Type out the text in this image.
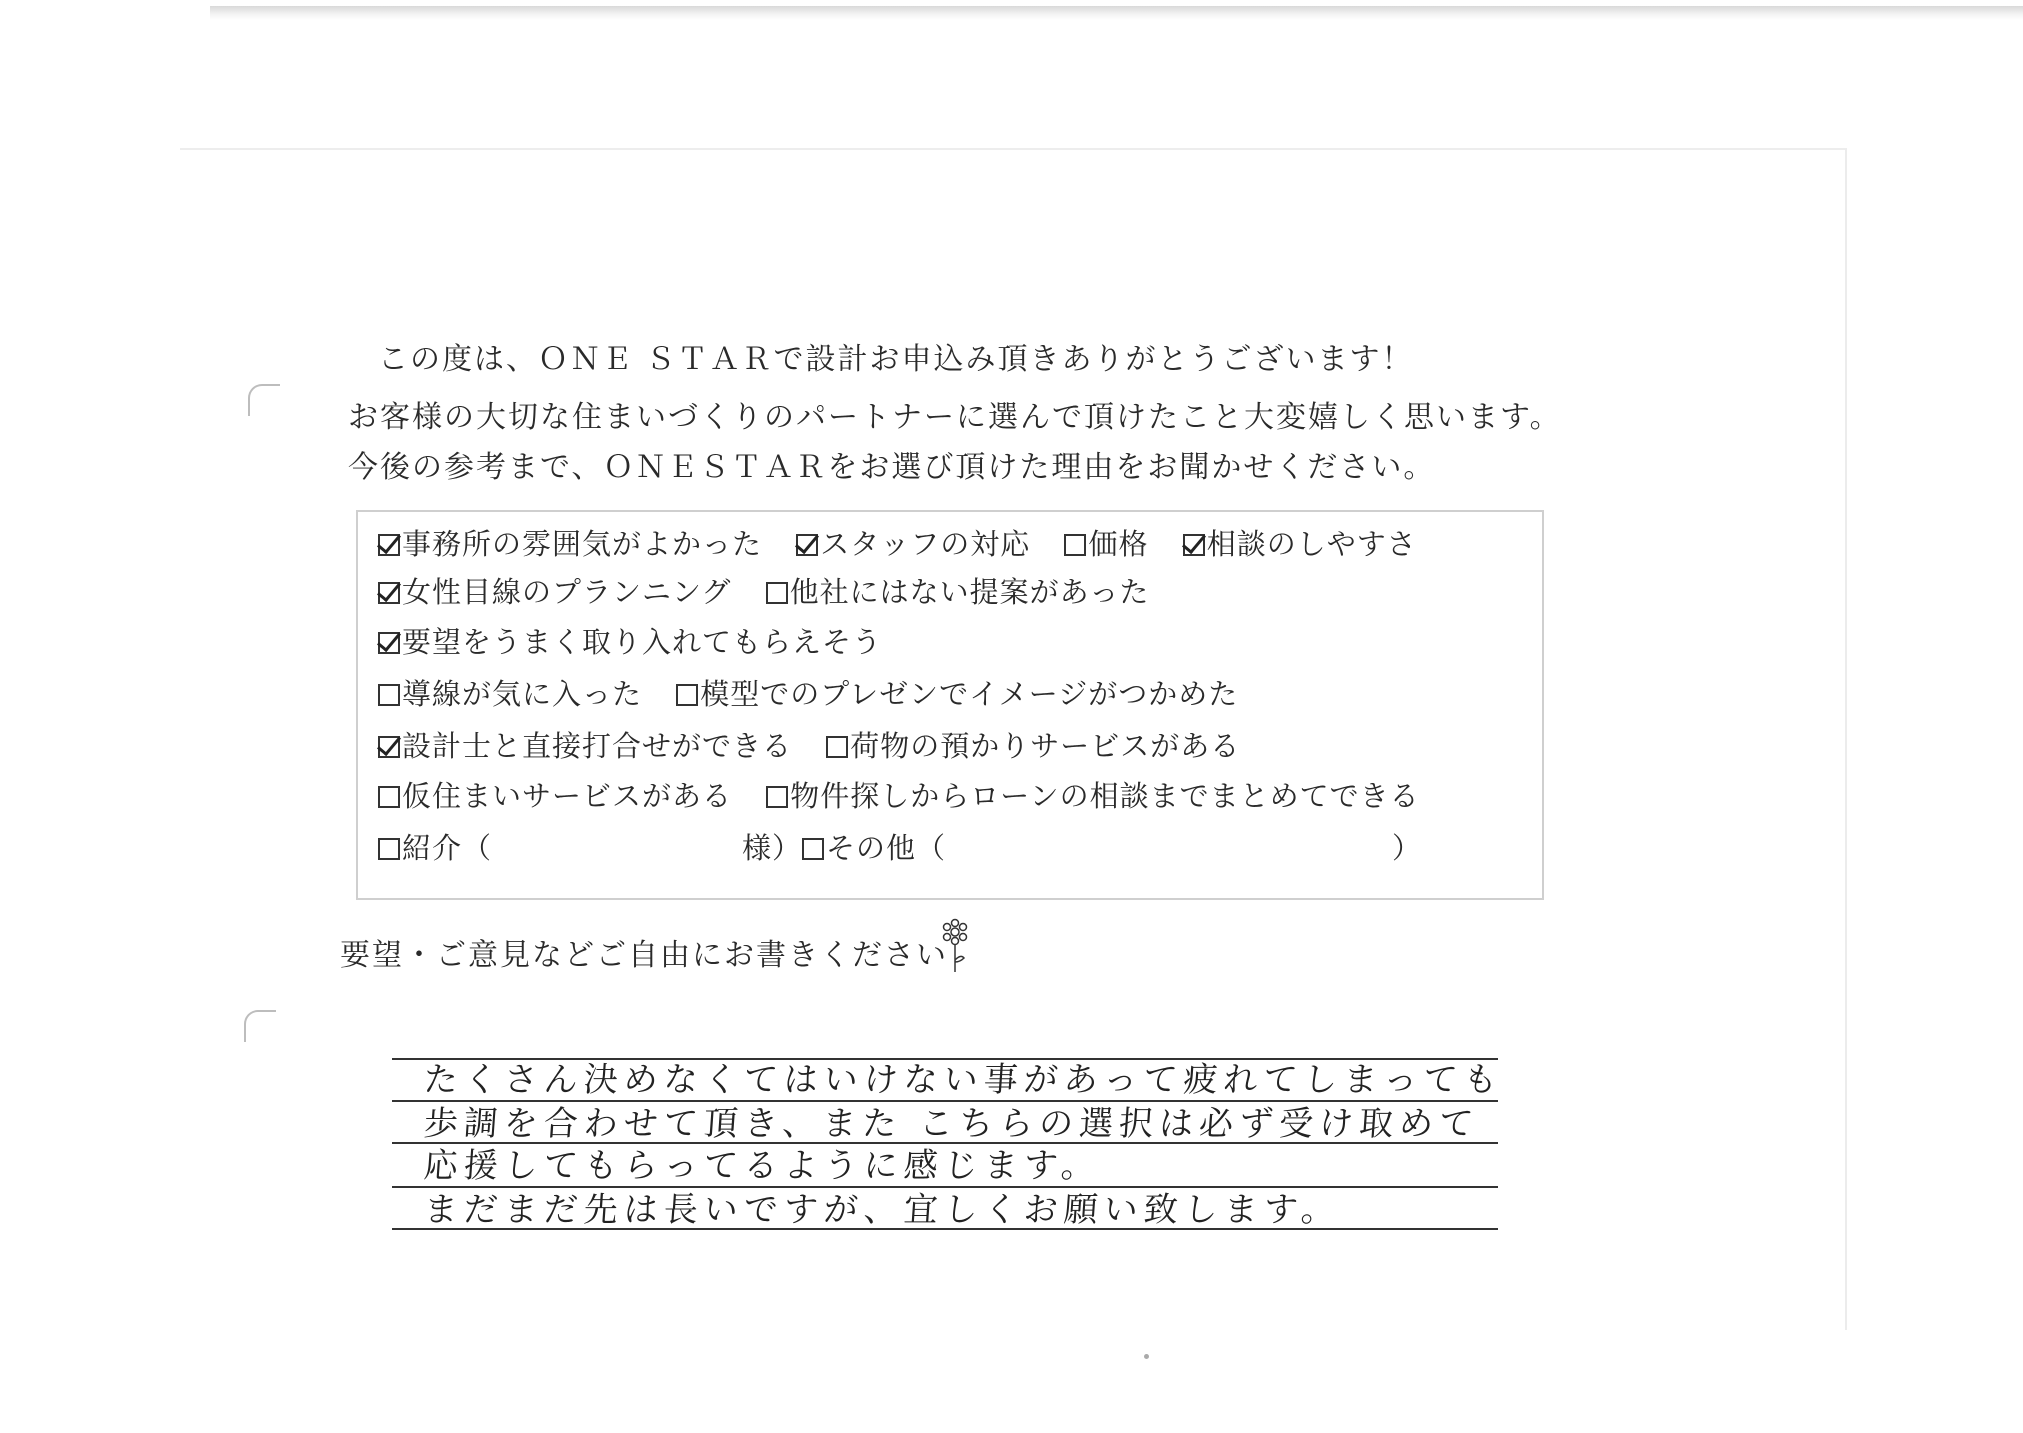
この度は、ＯＮＥ ＳＴＡＲで設計お申込み頂きありがとうございます！
お客様の大切な住まいづくりのパートナーに選んで頂けたこと大変嬉しく思います。
今後の参考まで、ＯＮＥＳＴＡＲをお選び頂けた理由をお聞かせください。
事務所の雰囲気がよかった スタッフの対応 価格 相談のしやすさ
女性目線のプランニング 他社にはない提案があった
要望をうまく取り入れてもらえそう
導線が気に入った 模型でのプレゼンでイメージがつかめた
設計士と直接打合せができる 荷物の預かりサービスがある
仮住まいサービスがある 物件探しからローンの相談までまとめてできる
紹介（	様） その他（	）
要望・ご意見などご自由にお書きください
たくさん決めなくてはいけない事があって疲れてしまっても
歩調を合わせて頂き、また こちらの選択は必ず受け取めて
応援してもらってるように感じます。
まだまだ先は長いですが、宜しくお願い致します。
